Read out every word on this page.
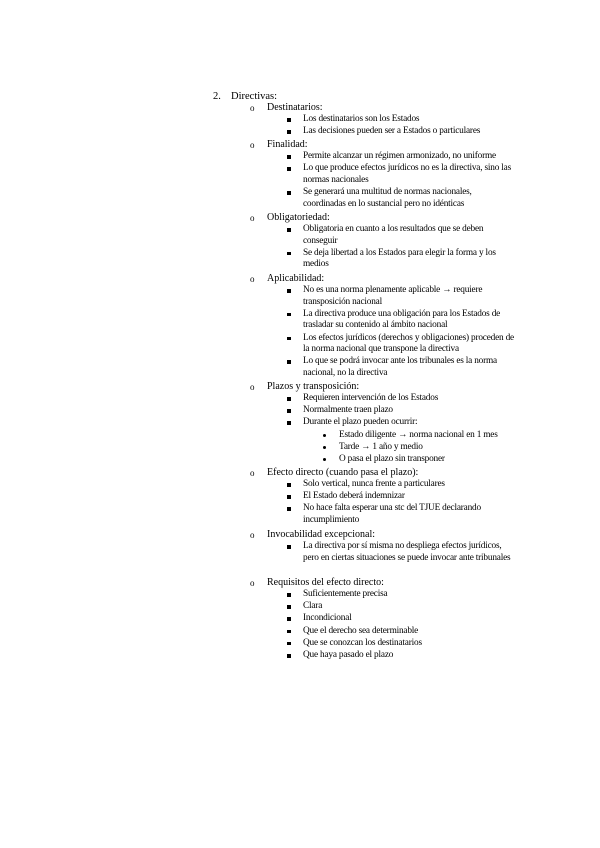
2. Directivas:
o Destinatarios:
Los destinatarios son los Estados
Las decisiones pueden ser a Estados o particulares
o Finalidad:
Permite alcanzar un régimen armonizado, no uniforme
Lo que produce efectos jurídicos no es la directiva, sino las normas nacionales
Se generará una multitud de normas nacionales, coordinadas en lo sustancial pero no idénticas
o Obligatoriedad:
Obligatoria en cuanto a los resultados que se deben conseguir
Se deja libertad a los Estados para elegir la forma y los medios
o Aplicabilidad:
No es una norma plenamente aplicable → requiere transposición nacional
La directiva produce una obligación para los Estados de trasladar su contenido al ámbito nacional
Los efectos jurídicos (derechos y obligaciones) proceden de la norma nacional que transpone la directiva
Lo que se podrá invocar ante los tribunales es la norma nacional, no la directiva
o Plazos y transposición:
Requieren intervención de los Estados
Normalmente traen plazo
Durante el plazo pueden ocurrir:
Estado diligente → norma nacional en 1 mes
Tarde → 1 año y medio
O pasa el plazo sin transponer
o Efecto directo (cuando pasa el plazo):
Solo vertical, nunca frente a particulares
El Estado deberá indemnizar
No hace falta esperar una stc del TJUE declarando incumplimiento
o Invocabilidad excepcional:
La directiva por sí misma no despliega efectos jurídicos, pero en ciertas situaciones se puede invocar ante tribunales
o Requisitos del efecto directo:
Suficientemente precisa
Clara
Incondicional
Que el derecho sea determinable
Que se conozcan los destinatarios
Que haya pasado el plazo
